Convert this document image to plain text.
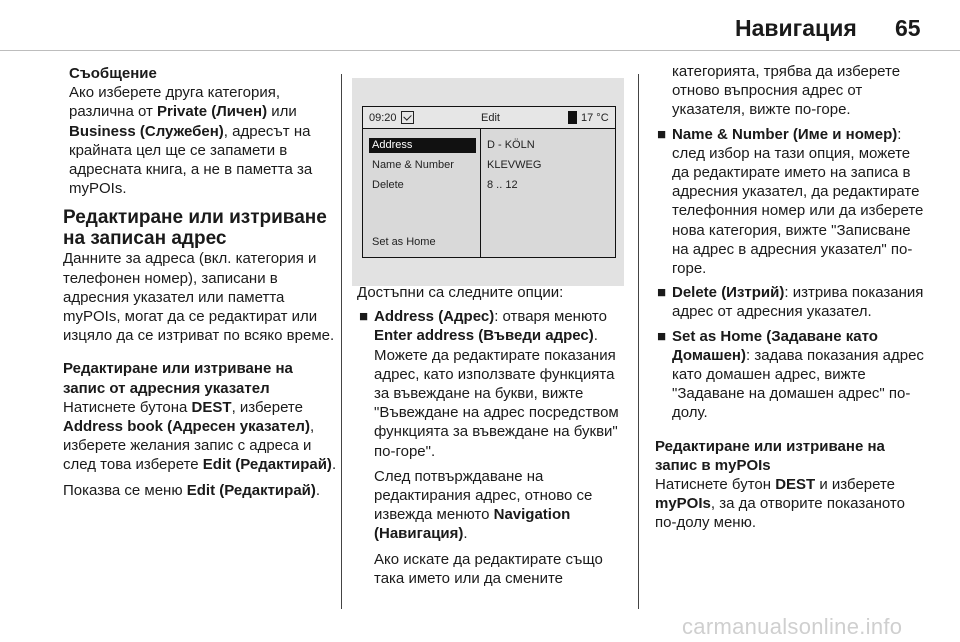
Навигация 65
Съобщение
Ако изберете друга категория, различна от Private (Личен) или Business (Служебен), адресът на крайната цел ще се запамети в адресната книга, а не в паметта за myPOIs.
Редактиране или изтриване на записан адрес

Данните за адреса (вкл. категория и телефонен номер), записани в адресния указател или паметта myPOIs, могат да се редактират или изцяло да се изтриват по всяко време.

Редактиране или изтриване на запис от адресния указател

Натиснете бутона DEST, изберете Address book (Адресен указател), изберете желания запис с адреса и след това изберете Edit (Редактирай).

Показва се меню Edit (Редактирай).

09:20	Edit	17 °C
Address
Name & Number
Delete
Set as Home
D - KÖLN
KLEVWEG
8 .. 12

Достъпни са следните опции:

■ Address (Адрес): отваря менюто Enter address (Въведи адрес). Можете да редактирате показания адрес, като използвате функцията за въвеждане на букви, вижте "Въвеждане на адрес посредством функцията за въвеждане на букви" по-горе".

След потвърждаване на редактирания адрес, отново се извежда менюто Navigation (Навигация).

Ако искате да редактирате също така името или да смените

категорията, трябва да изберете отново въпросния адрес от указателя, вижте по-горе.

■ Name & Number (Име и номер): след избор на тази опция, можете да редактирате името на записа в адресния указател, да редактирате телефонния номер или да изберете нова категория, вижте "Записване на адрес в адресния указател" по-горе.
■ Delete (Изтрий): изтрива показания адрес от адресния указател.
■ Set as Home (Задаване като Домашен): задава показания адрес като домашен адрес, вижте "Задаване на домашен адрес" по-долу.
Редактиране или изтриване на запис в myPOIs

Натиснете бутон DEST и изберете myPOIs, за да отворите показаното по-долу меню.

carmanualsonline.info
